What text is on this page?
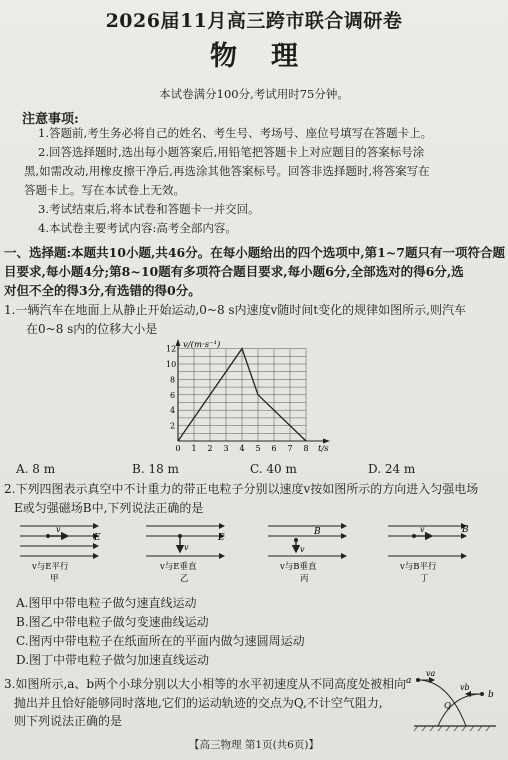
2026届11月高三跨市联合调研卷
物理
本试卷满分100分,考试用时75分钟。
注意事项:
1.答题前,考生务必将自己的姓名、考生号、考场号、座位号填写在答题卡上。
2.回答选择题时,选出每小题答案后,用铅笔把答题卡上对应题目的答案标号涂
黑,如需改动,用橡皮擦干净后,再选涂其他答案标号。回答非选择题时,将答案写在
答题卡上。写在本试卷上无效。
3.考试结束后,将本试卷和答题卡一并交回。
4.本试卷主要考试内容:高考全部内容。
一、选择题:本题共10小题,共46分。在每小题给出的四个选项中,第1~7题只有一项符合题
目要求,每小题4分;第8~10题有多项符合题目要求,每小题6分,全部选对的得6分,选
对但不全的得3分,有选错的得0分。
1.一辆汽车在地面上从静止开始运动,0~8 s内速度v随时间t变化的规律如图所示,则汽车
在0~8 s内的位移大小是
0 1 2 3 4 5 6 7 8
2
4
6
8
10
12 v/(m·s⁻¹)
t/s
A. 8 m	B. 18 m	C. 40 m	D. 24 m
2.下列四图表示真空中不计重力的带正电粒子分别以速度v按如图所示的方向进入匀强电场
E或匀强磁场B中,下列说法正确的是
v
E
v与E平行
甲
v
E
v与E垂直
乙
v
B
v与B垂直
丙
v	B
v与B平行
丁
A.图甲中带电粒子做匀速直线运动
B.图乙中带电粒子做匀变速曲线运动
C.图丙中带电粒子在纸面所在的平面内做匀速圆周运动
D.图丁中带电粒子做匀加速直线运动
3.如图所示,a、b两个小球分别以大小相等的水平初速度从不同高度处被相向
抛出并且恰好能够同时落地,它们的运动轨迹的交点为Q,不计空气阻力,
则下列说法正确的是
a
b
va
vb
Q
【高三物理 第1页(共6页)】
